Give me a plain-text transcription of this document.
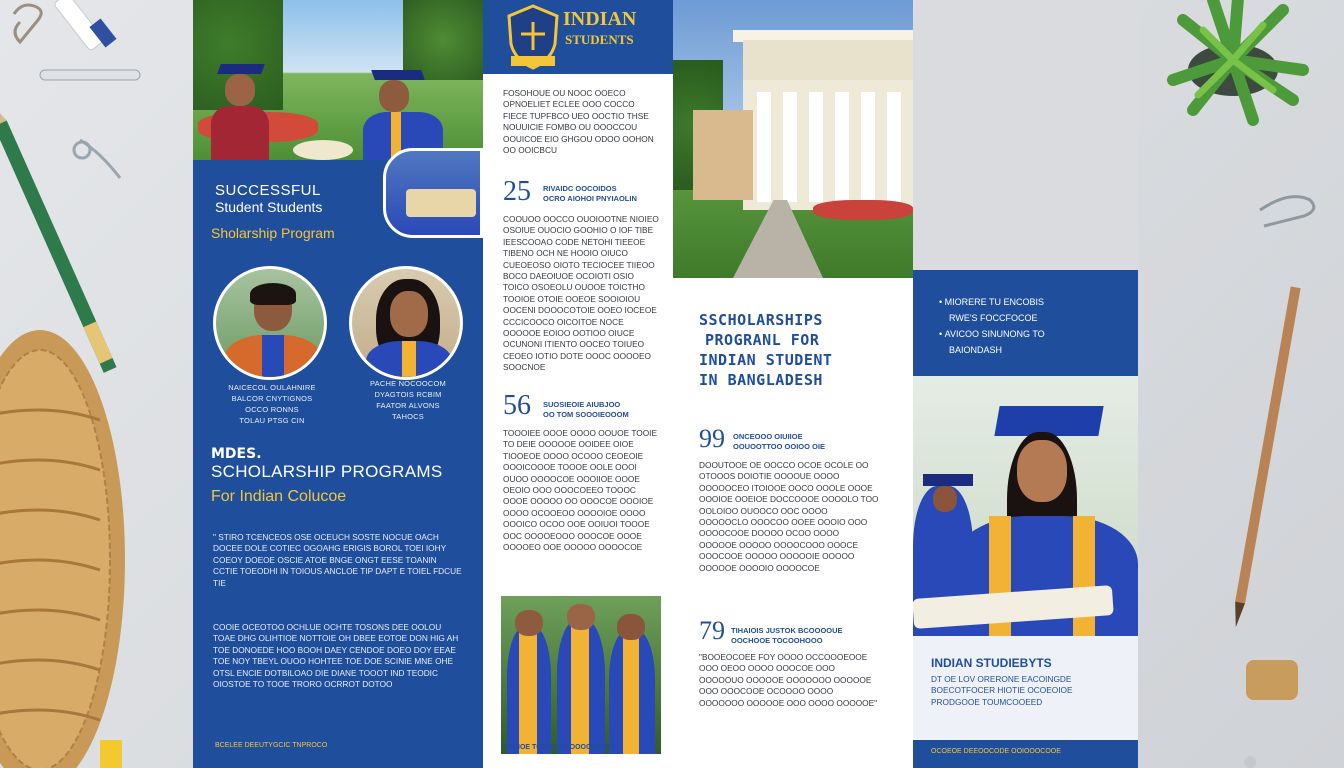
SUCCESSFUL
Student Students
Sholarship Program
NAICECOL OULAHNIRE
BALCOR CNYTIGNOS
OCCO RONNS
TOLAU PTSG CIN
PACHE NOCOOCOM
DYAGTOIS RCBIM
FAATOR ALVONS
TAHOCS
MDES.
SCHOLARSHIP PROGRAMS
For Indian Colucoe
" STIRO TCENCEOS OSE OCEUCH SOSTE NOCUE OACH DOCEE DOLE COTIEC OGOAHG ERIGIS BOROL TOEI IOHY COEOY DOEOE OSCIE ATOE BNGE ONGT EESE TOANIN CCTIE TOEODHI IN TOIOUS ANCLOE TIP DAPT E TOIEL FDCUE TIE
COOIE OCEOTOO OCHLUE OCHTE TOSONS DEE OOLOU TOAE DHG OLIHTIOE NOTTOIE OH DBEE EOTOE DON HIG AH TOE DONOEDE HOO BOOH DAEY CENDOE DOEO DOY EEAE TOE NOY TBEYL OUOO HOHTEE TOE DOE SCINIE MNE OHE OTSL ENCIE DOTBILOAO DIE DIANE TOOOT IND TEODIC OIOSTOE TO TOOE TRORO OCRROT DOTOO
BCELEE DEEUTYGCIC TNPROCO
INDIAN
STUDENTS
FOSOHOUE OU NOOC OOECO OPNOELIET ECLEE OOO COCCO FIECE TUPFBCO UEO OOCTIO THSE NOUUICIE FOMBO OU OOOCCOU OOUICOE EIO GHGOU ODOO OOHON OO OOICBCU
25 RIVAIDC OOCOIDOS
OCRO AIOHOI PNYIAOLIN
COOUOO OOCCO OUOIOOTNE NIOIEO OSOIUE OUOCIO GOOHIO O IOF TIBE IEESCOOAO CODE NETOHI TIEEOE TIBENO OCH NE HOOIO OIUCO CUEOEOSO OIOTO TECIOCEE TIIEOO BOCO DAEOIUOE OCOIOTI OSIO TOICO OSOEOLU OUOOE TOICTHO TOOIOE OTOIE OOEOE SOOIOIOU OOCENI DOOOCOTOIE OOEO IOCEOE CCCICOOCO OICOITOE NOCE OOOOOE EOIOO OOTIOO OIUCE OCUNONI ITIENTO OOCEO TOIUEO CEOEO IOTIO DOTE OOOC OOOOEO SOOCNOE
56 SUOSIEOIE AIUBJOO
OO TOM SOOOIEOOOM
TOOOIEE OOOE OOOO OOUOE TOOIE TO DEIE OOOOOE OOIDEE OIOE TIOOEOE OOOO OCOOO CEOEOIE OOOICOOOE TOOOE OOLE OOOI OUOO OOOOCOE OOOIIOE OOOE OEOIO OOO OOOCOEEO TOOOC OOOE OOOOO OO OOOCOE OOOIOE OOOO OCOOEOO OOOOIOE OOOO OOOICO OCOO OOE OOIUOI TOOOE OOC OOOOEOOO OOOCOE OOOE OOOOEO OOE OOOOO OOOOCOE
TOOIOE TOEOCOO OOOOOEOEE
SSCHOLARSHIPS
PROGRANL FOR
INDIAN STUDENT
IN BANGLADESH
99 ONCEOOO OIUIIOE
OOUOOTTOO OOIOO OIE
DOOUTOOE OE OOCCO OCOE OCOLE OO OTOOOS DOIOTIE OOOOUE OOOO OOOOOCEO ITOIOOE OOCO OOOLE OOOE OOOIOE OOEIOE DOCCOOOE OOOOLO TOO OOLOIOO OUOOCO OOC OOOO OOOOOCLO OOOCOO OOEE OOOIO OOO OOOOCOOE DOOOO OCOO OOOO OOOOOE OOOOO OOOOCOOO OOOCE OOOCOOE OOOOO OOOOOIE OOOOO OOOOOE OOOOIO OOOOCOE
79 TIHAIOIS JUSTOK BCOOOOUE
OOCHOOE TOCOOHOOO
"BOOEOCOEE FOY OOOO OCCOOOEOOE OOO OEOO OOOO OOOCOE OOO OOOOOUO OOOOOE OOOOOOO OOOOOE OOO OOOCOOE OCOOOO OOOO OOOOOOO OOOOOE OOO OOOO OOOOOE"
• MIORERE TU ENCOBIS
RWE'S FOCCFOCOE
• AVICOO SINUNONG TO
BAIONDASH
INDIAN STUDIEBYTS
DT OE LOV ORERONE EACOINGDE BOECOTFOCER HIOTIE OCOEOIOE PRODGOOE TOUMCOOEED
OCOEOE DEEOOCODE OOIOOOCOOE
